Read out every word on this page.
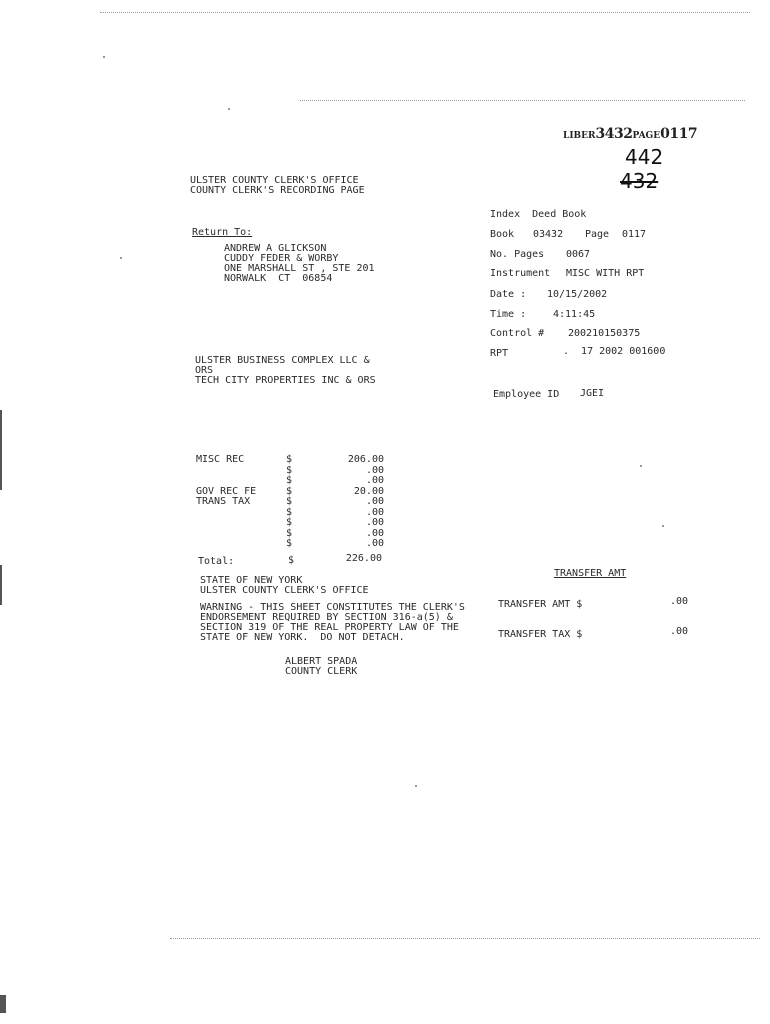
LIBER3432PAGE0117
442
432
ULSTER COUNTY CLERK'S OFFICE
COUNTY CLERK'S RECORDING PAGE
Return To:
ANDREW A GLICKSON
CUDDY FEDER & WORBY
ONE MARSHALL ST , STE 201
NORWALK  CT  06854
ULSTER BUSINESS COMPLEX LLC &
ORS
TECH CITY PROPERTIES INC & ORS
Index  Deed Book
Book 03432 Page 0117
No. Pages 0067
Instrument MISC WITH RPT
Date : 10/15/2002
Time :	4:11:45
Control # 200210150375
RPT	.  17 2002 001600
Employee ID JGEI
MISC REC	$	206.00
	$	.00
	$	.00
GOV REC FE	$	20.00
TRANS TAX	$	.00
	$	.00
	$	.00
	$	.00
	$	.00
Total:	$	226.00
STATE OF NEW YORK
ULSTER COUNTY CLERK'S OFFICE
WARNING - THIS SHEET CONSTITUTES THE CLERK'S
ENDORSEMENT REQUIRED BY SECTION 316-a(5) &
SECTION 319 OF THE REAL PROPERTY LAW OF THE
STATE OF NEW YORK.  DO NOT DETACH.
ALBERT SPADA
COUNTY CLERK
TRANSFER AMT
TRANSFER AMT $	.00
TRANSFER TAX $	.00
